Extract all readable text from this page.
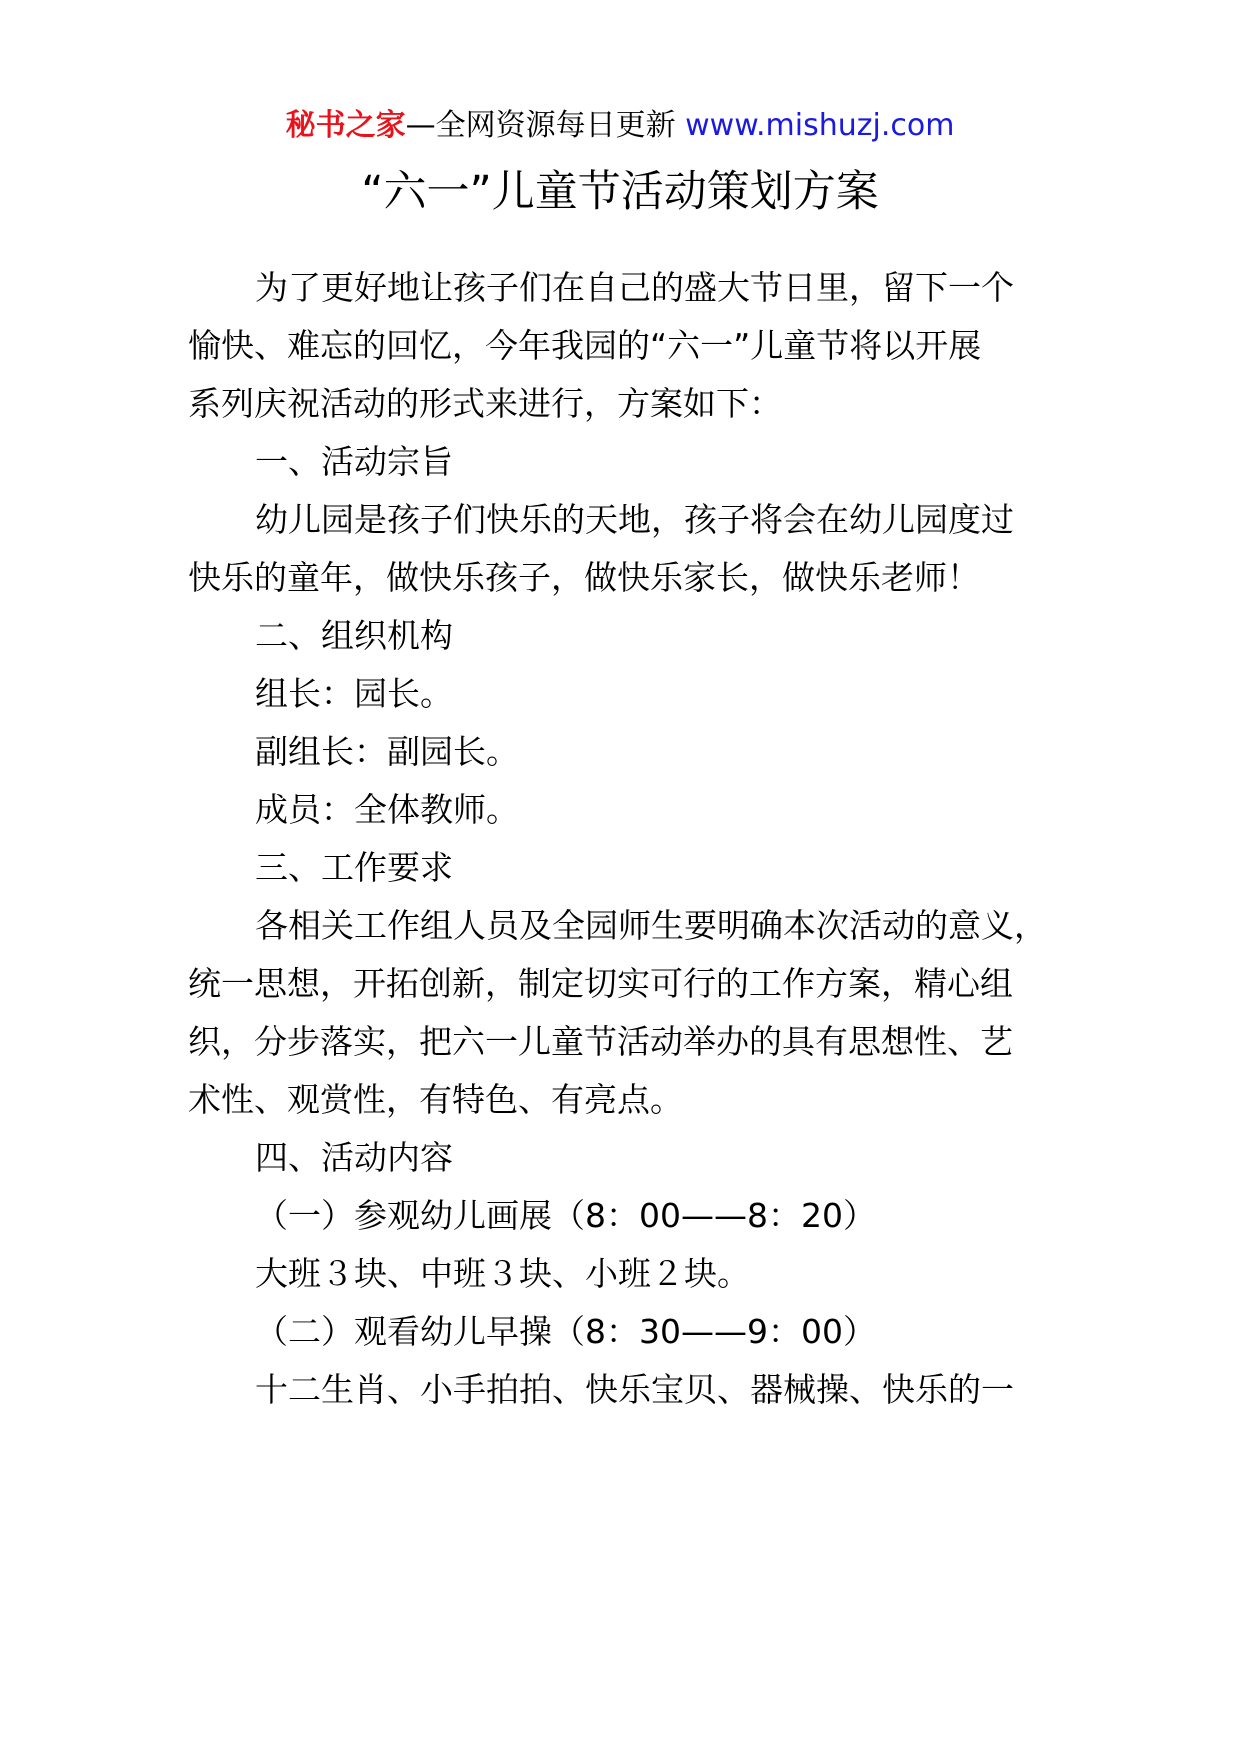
秘书之家—全网资源每日更新 www.mishuzj.com
“六一”儿童节活动策划方案
为了更好地让孩子们在自己的盛大节日里，留下一个
愉快、难忘的回忆，今年我园的“六一”儿童节将以开展
系列庆祝活动的形式来进行，方案如下：
一、活动宗旨
幼儿园是孩子们快乐的天地，孩子将会在幼儿园度过
快乐的童年，做快乐孩子，做快乐家长，做快乐老师！
二、组织机构
组长：园长。
副组长：副园长。
成员：全体教师。
三、工作要求
各相关工作组人员及全园师生要明确本次活动的意义，
统一思想，开拓创新，制定切实可行的工作方案，精心组
织，分步落实，把六一儿童节活动举办的具有思想性、艺
术性、观赏性，有特色、有亮点。
四、活动内容
（一）参观幼儿画展（8：00——8：20）
大班３块、中班３块、小班２块。
（二）观看幼儿早操（8：30——9：00）
十二生肖、小手拍拍、快乐宝贝、器械操、快乐的一
